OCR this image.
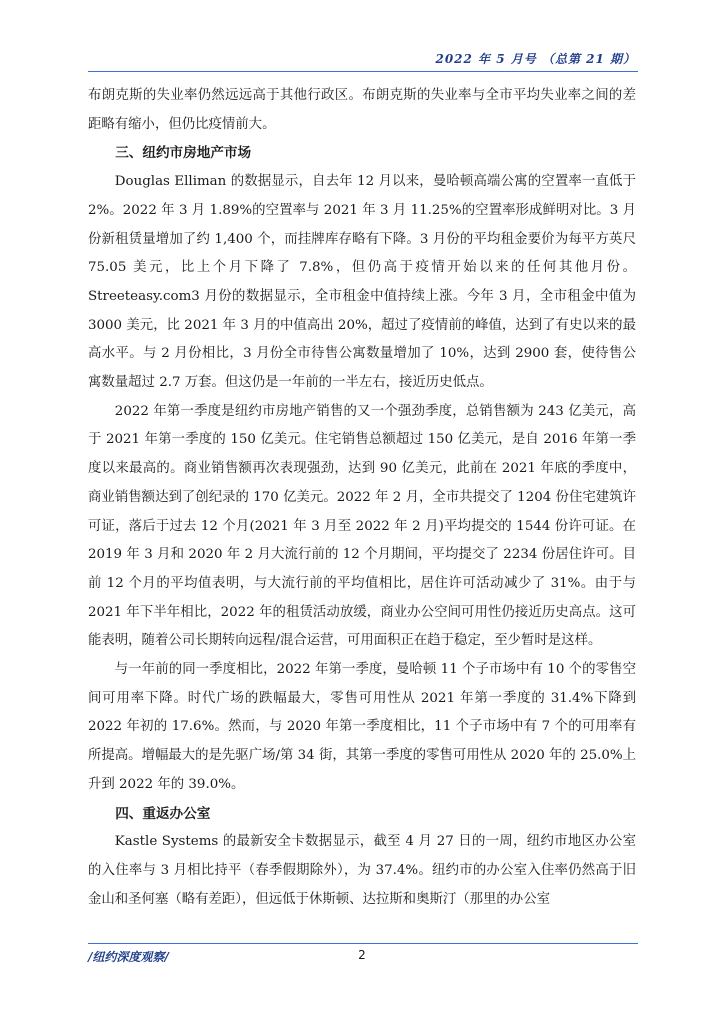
2022 年 5 月号 （总第 21 期）

布朗克斯的失业率仍然远远高于其他行政区。布朗克斯的失业率与全市平均失业率之间的差距略有缩小，但仍比疫情前大。

三、纽约市房地产市场

Douglas Elliman 的数据显示，自去年 12 月以来，曼哈顿高端公寓的空置率一直低于 2%。2022 年 3 月 1.89%的空置率与 2021 年 3 月 11.25%的空置率形成鲜明对比。3 月份新租赁量增加了约 1,400 个，而挂牌库存略有下降。3 月份的平均租金要价为每平方英尺 75.05 美元，比上个月下降了 7.8%，但仍高于疫情开始以来的任何其他月份。Streeteasy.com3 月份的数据显示，全市租金中值持续上涨。今年 3 月，全市租金中值为 3000 美元，比 2021 年 3 月的中值高出 20%，超过了疫情前的峰值，达到了有史以来的最高水平。与 2 月份相比，3 月份全市待售公寓数量增加了 10%，达到 2900 套，使待售公寓数量超过 2.7 万套。但这仍是一年前的一半左右，接近历史低点。

2022 年第一季度是纽约市房地产销售的又一个强劲季度，总销售额为 243 亿美元，高于 2021 年第一季度的 150 亿美元。住宅销售总额超过 150 亿美元，是自 2016 年第一季度以来最高的。商业销售额再次表现强劲，达到 90 亿美元，此前在 2021 年底的季度中，商业销售额达到了创纪录的 170 亿美元。2022 年 2 月，全市共提交了 1204 份住宅建筑许可证，落后于过去 12 个月(2021 年 3 月至 2022 年 2 月)平均提交的 1544 份许可证。在 2019 年 3 月和 2020 年 2 月大流行前的 12 个月期间，平均提交了 2234 份居住许可。目前 12 个月的平均值表明，与大流行前的平均值相比，居住许可活动减少了 31%。由于与 2021 年下半年相比，2022 年的租赁活动放缓，商业办公空间可用性仍接近历史高点。这可能表明，随着公司长期转向远程/混合运营，可用面积正在趋于稳定，至少暂时是这样。

与一年前的同一季度相比，2022 年第一季度，曼哈顿 11 个子市场中有 10 个的零售空间可用率下降。时代广场的跌幅最大，零售可用性从 2021 年第一季度的 31.4%下降到 2022 年初的 17.6%。然而，与 2020 年第一季度相比，11 个子市场中有 7 个的可用率有所提高。增幅最大的是先驱广场/第 34 街，其第一季度的零售可用性从 2020 年的 25.0%上升到 2022 年的 39.0%。

四、重返办公室

Kastle Systems 的最新安全卡数据显示，截至 4 月 27 日的一周，纽约市地区办公室的入住率与 3 月相比持平（春季假期除外），为 37.4%。纽约市的办公室入住率仍然高于旧金山和圣何塞（略有差距），但远低于休斯顿、达拉斯和奥斯汀（那里的办公室

/纽约深度观察/	2
